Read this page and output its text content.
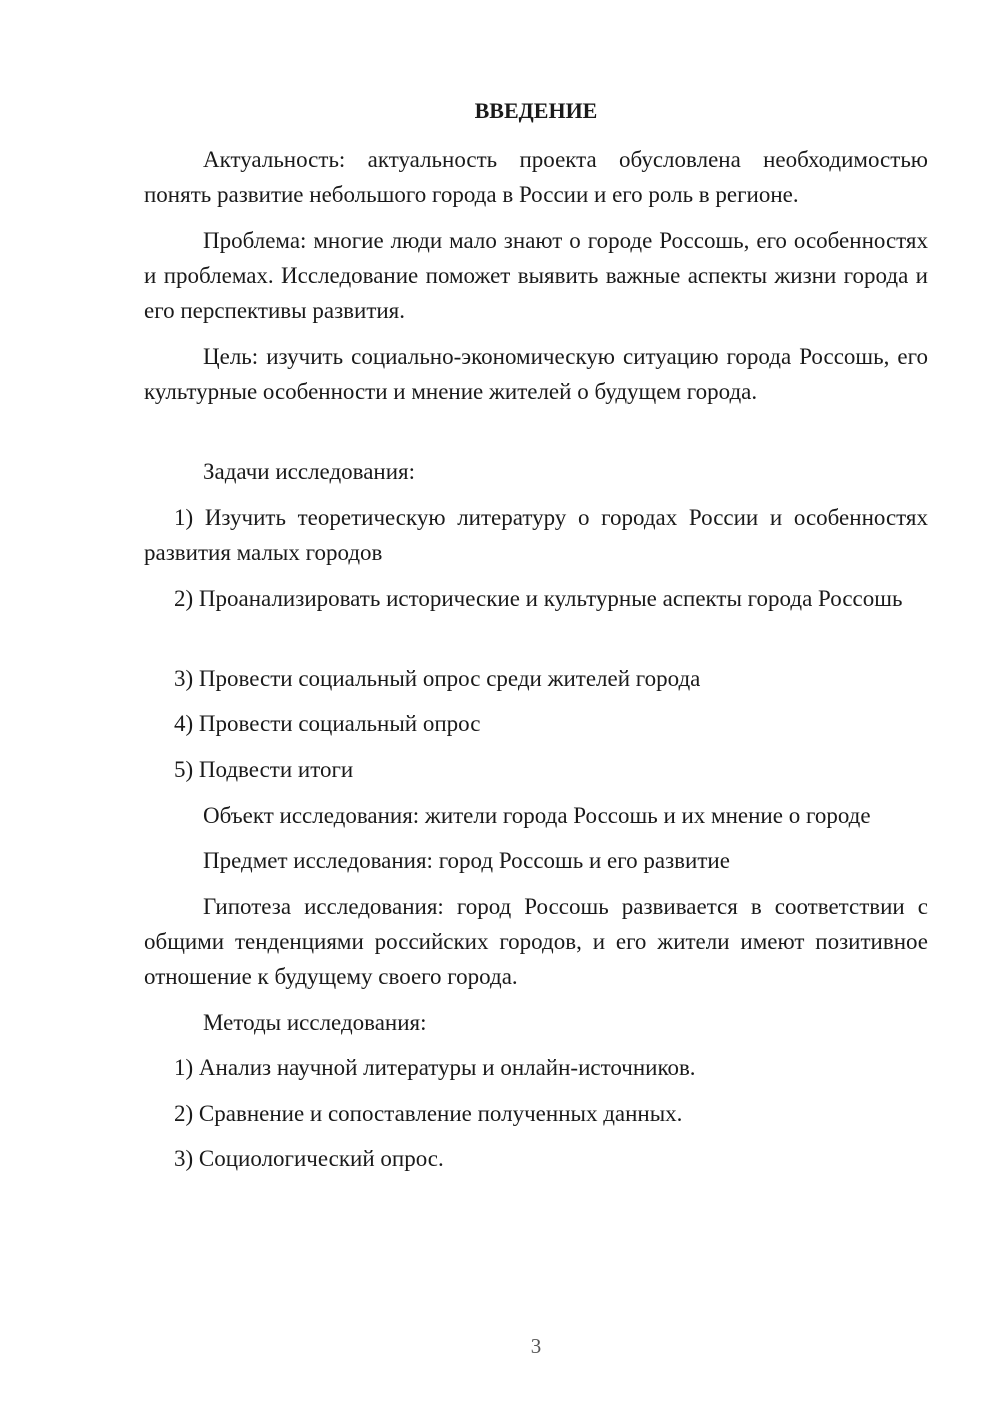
ВВЕДЕНИЕ

Актуальность: актуальность проекта обусловлена необходимостью понять развитие небольшого города в России и его роль в регионе.

Проблема: многие люди мало знают о городе Россошь, его особенностях и проблемах. Исследование поможет выявить важные аспекты жизни города и его перспективы развития.

Цель: изучить социально-экономическую ситуацию города Россошь, его культурные особенности и мнение жителей о будущем города.

Задачи исследования:

1) Изучить теоретическую литературу о городах России и особенностях развития малых городов

2) Проанализировать исторические и культурные аспекты города Россошь

3) Провести социальный опрос среди жителей города

4) Провести социальный опрос

5) Подвести итоги

Объект исследования: жители города Россошь и их мнение о городе

Предмет исследования: город Россошь и его развитие

Гипотеза исследования: город Россошь развивается в соответствии с общими тенденциями российских городов, и его жители имеют позитивное отношение к будущему своего города.

Методы исследования:

1) Анализ научной литературы и онлайн-источников.

2) Сравнение и сопоставление полученных данных.

3) Социологический опрос.

3
